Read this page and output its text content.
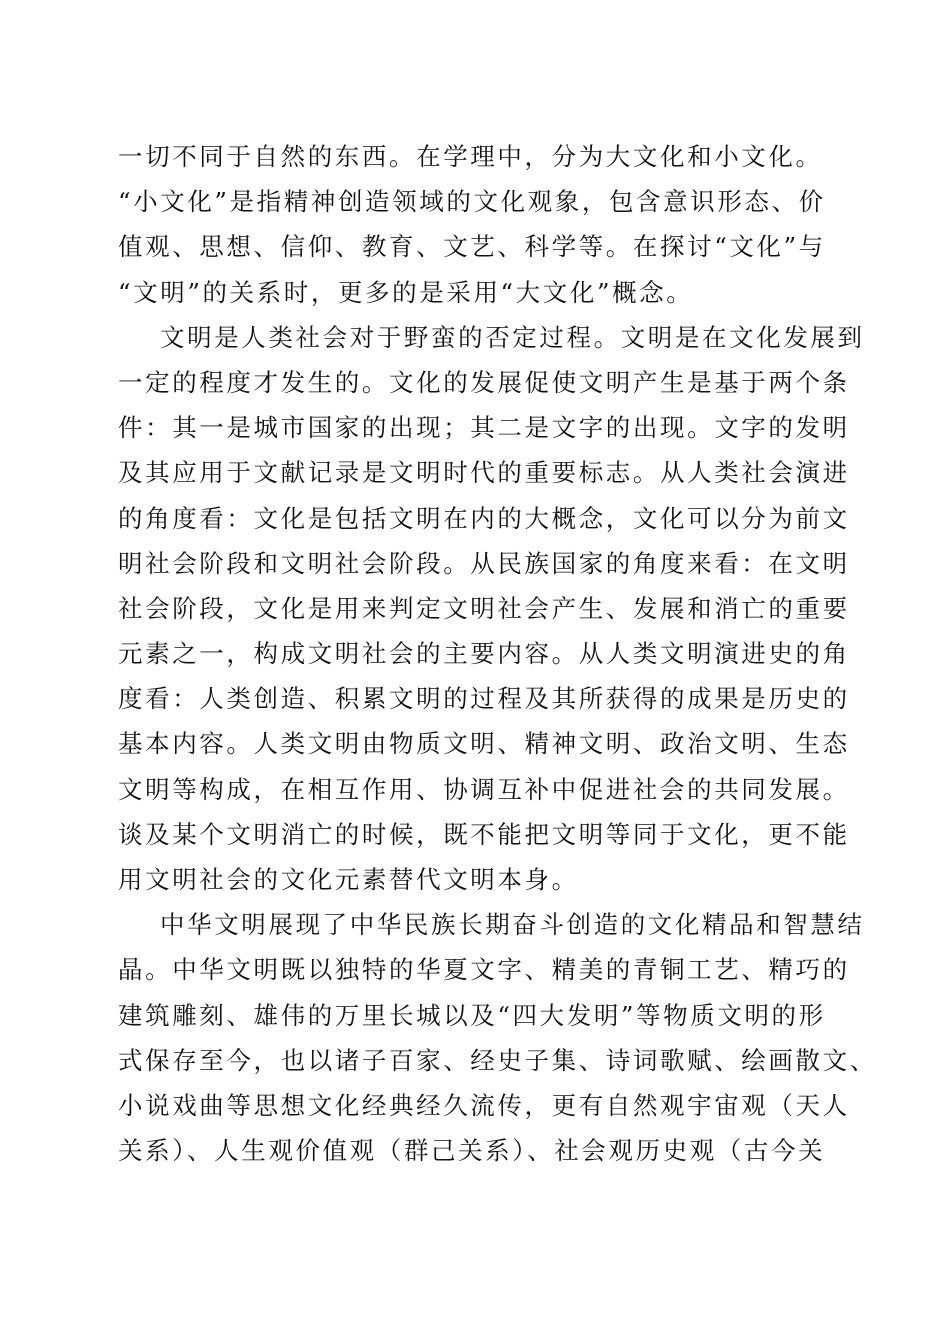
一切不同于自然的东西。在学理中，分为大文化和小文化。
“小文化”是指精神创造领域的文化观象，包含意识形态、价
值观、思想、信仰、教育、文艺、科学等。在探讨“文化”与
“文明”的关系时，更多的是采用“大文化”概念。
文明是人类社会对于野蛮的否定过程。文明是在文化发展到
一定的程度才发生的。文化的发展促使文明产生是基于两个条
件：其一是城市国家的出现；其二是文字的出现。文字的发明
及其应用于文献记录是文明时代的重要标志。从人类社会演进
的角度看：文化是包括文明在内的大概念，文化可以分为前文
明社会阶段和文明社会阶段。从民族国家的角度来看：在文明
社会阶段，文化是用来判定文明社会产生、发展和消亡的重要
元素之一，构成文明社会的主要内容。从人类文明演进史的角
度看：人类创造、积累文明的过程及其所获得的成果是历史的
基本内容。人类文明由物质文明、精神文明、政治文明、生态
文明等构成，在相互作用、协调互补中促进社会的共同发展。
谈及某个文明消亡的时候，既不能把文明等同于文化，更不能
用文明社会的文化元素替代文明本身。
中华文明展现了中华民族长期奋斗创造的文化精品和智慧结
晶。中华文明既以独特的华夏文字、精美的青铜工艺、精巧的
建筑雕刻、雄伟的万里长城以及“四大发明”等物质文明的形
式保存至今，也以诸子百家、经史子集、诗词歌赋、绘画散文、
小说戏曲等思想文化经典经久流传，更有自然观宇宙观（天人
关系）、人生观价值观（群己关系）、社会观历史观（古今关
